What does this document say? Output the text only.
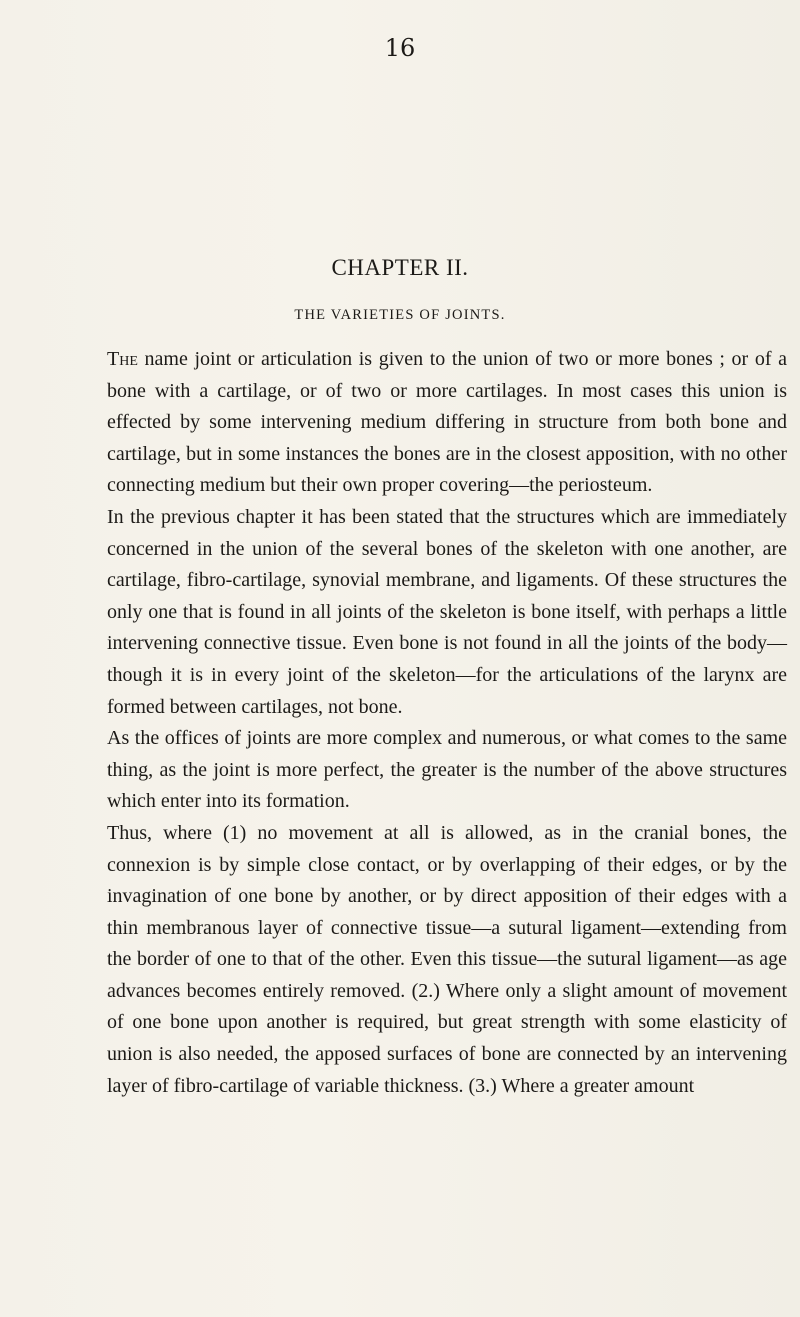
16
CHAPTER II.
THE VARIETIES OF JOINTS.

The name joint or articulation is given to the union of two or more bones ; or of a bone with a cartilage, or of two or more cartilages. In most cases this union is effected by some intervening medium differing in structure from both bone and cartilage, but in some instances the bones are in the closest apposition, with no other connecting medium but their own proper covering—the periosteum.

In the previous chapter it has been stated that the structures which are immediately concerned in the union of the several bones of the skeleton with one another, are cartilage, fibro-cartilage, synovial membrane, and ligaments. Of these structures the only one that is found in all joints of the skeleton is bone itself, with perhaps a little intervening connective tissue. Even bone is not found in all the joints of the body—though it is in every joint of the skeleton—for the articulations of the larynx are formed between cartilages, not bone.

As the offices of joints are more complex and numerous, or what comes to the same thing, as the joint is more perfect, the greater is the number of the above structures which enter into its formation.

Thus, where (1) no movement at all is allowed, as in the cranial bones, the connexion is by simple close contact, or by overlapping of their edges, or by the invagination of one bone by another, or by direct apposition of their edges with a thin membranous layer of connective tissue—a sutural ligament—extending from the border of one to that of the other. Even this tissue—the sutural ligament—as age advances becomes entirely removed. (2.) Where only a slight amount of movement of one bone upon another is required, but great strength with some elasticity of union is also needed, the apposed surfaces of bone are connected by an intervening layer of fibro-cartilage of variable thickness. (3.) Where a greater amount
